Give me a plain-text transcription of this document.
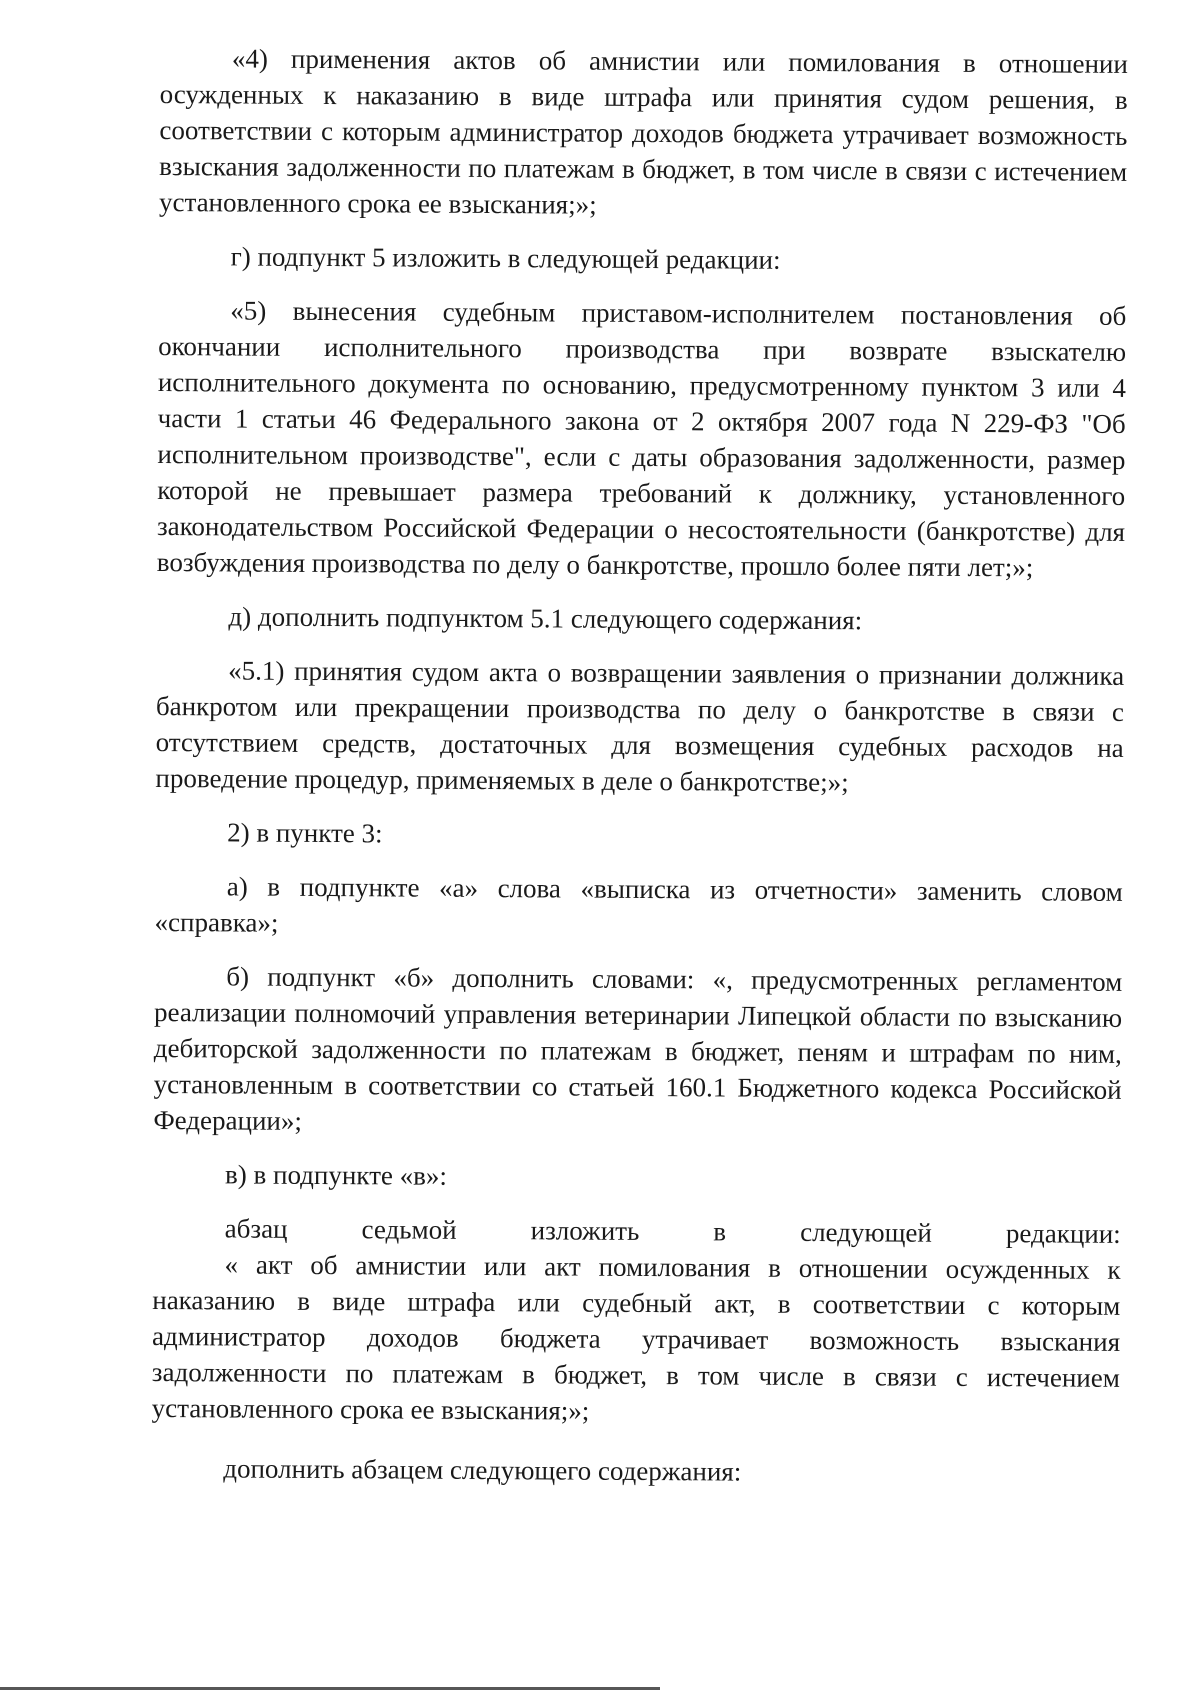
«4) применения актов об амнистии или помилования в отношении осужденных к наказанию в виде штрафа или принятия судом решения, в соответствии с которым администратор доходов бюджета утрачивает возможность взыскания задолженности по платежам в бюджет, в том числе в связи с истечением установленного срока ее взыскания;»;

г) подпункт 5 изложить в следующей редакции:

«5) вынесения судебным приставом-исполнителем постановления об окончании исполнительного производства при возврате взыскателю исполнительного документа по основанию, предусмотренному пунктом 3 или 4 части 1 статьи 46 Федерального закона от 2 октября 2007 года N 229-ФЗ "Об исполнительном производстве", если с даты образования задолженности, размер которой не превышает размера требований к должнику, установленного законодательством Российской Федерации о несостоятельности (банкротстве) для возбуждения производства по делу о банкротстве, прошло более пяти лет;»;

д) дополнить подпунктом 5.1 следующего содержания:

«5.1) принятия судом акта о возвращении заявления о признании должника банкротом или прекращении производства по делу о банкротстве в связи с отсутствием средств, достаточных для возмещения судебных расходов на проведение процедур, применяемых в деле о банкротстве;»;

2) в пункте 3:

а) в подпункте «а» слова «выписка из отчетности» заменить словом «справка»;

б) подпункт «б» дополнить словами: «, предусмотренных регламентом реализации полномочий управления ветеринарии Липецкой области по взысканию дебиторской задолженности по платежам в бюджет, пеням и штрафам по ним, установленным в соответствии со статьей 160.1 Бюджетного кодекса Российской Федерации»;

в) в подпункте «в»:

абзац седьмой изложить в следующей редакции:

« акт об амнистии или акт помилования в отношении осужденных к наказанию в виде штрафа или судебный акт, в соответствии с которым администратор доходов бюджета утрачивает возможность взыскания задолженности по платежам в бюджет, в том числе в связи с истечением установленного срока ее взыскания;»;

дополнить абзацем следующего содержания:
